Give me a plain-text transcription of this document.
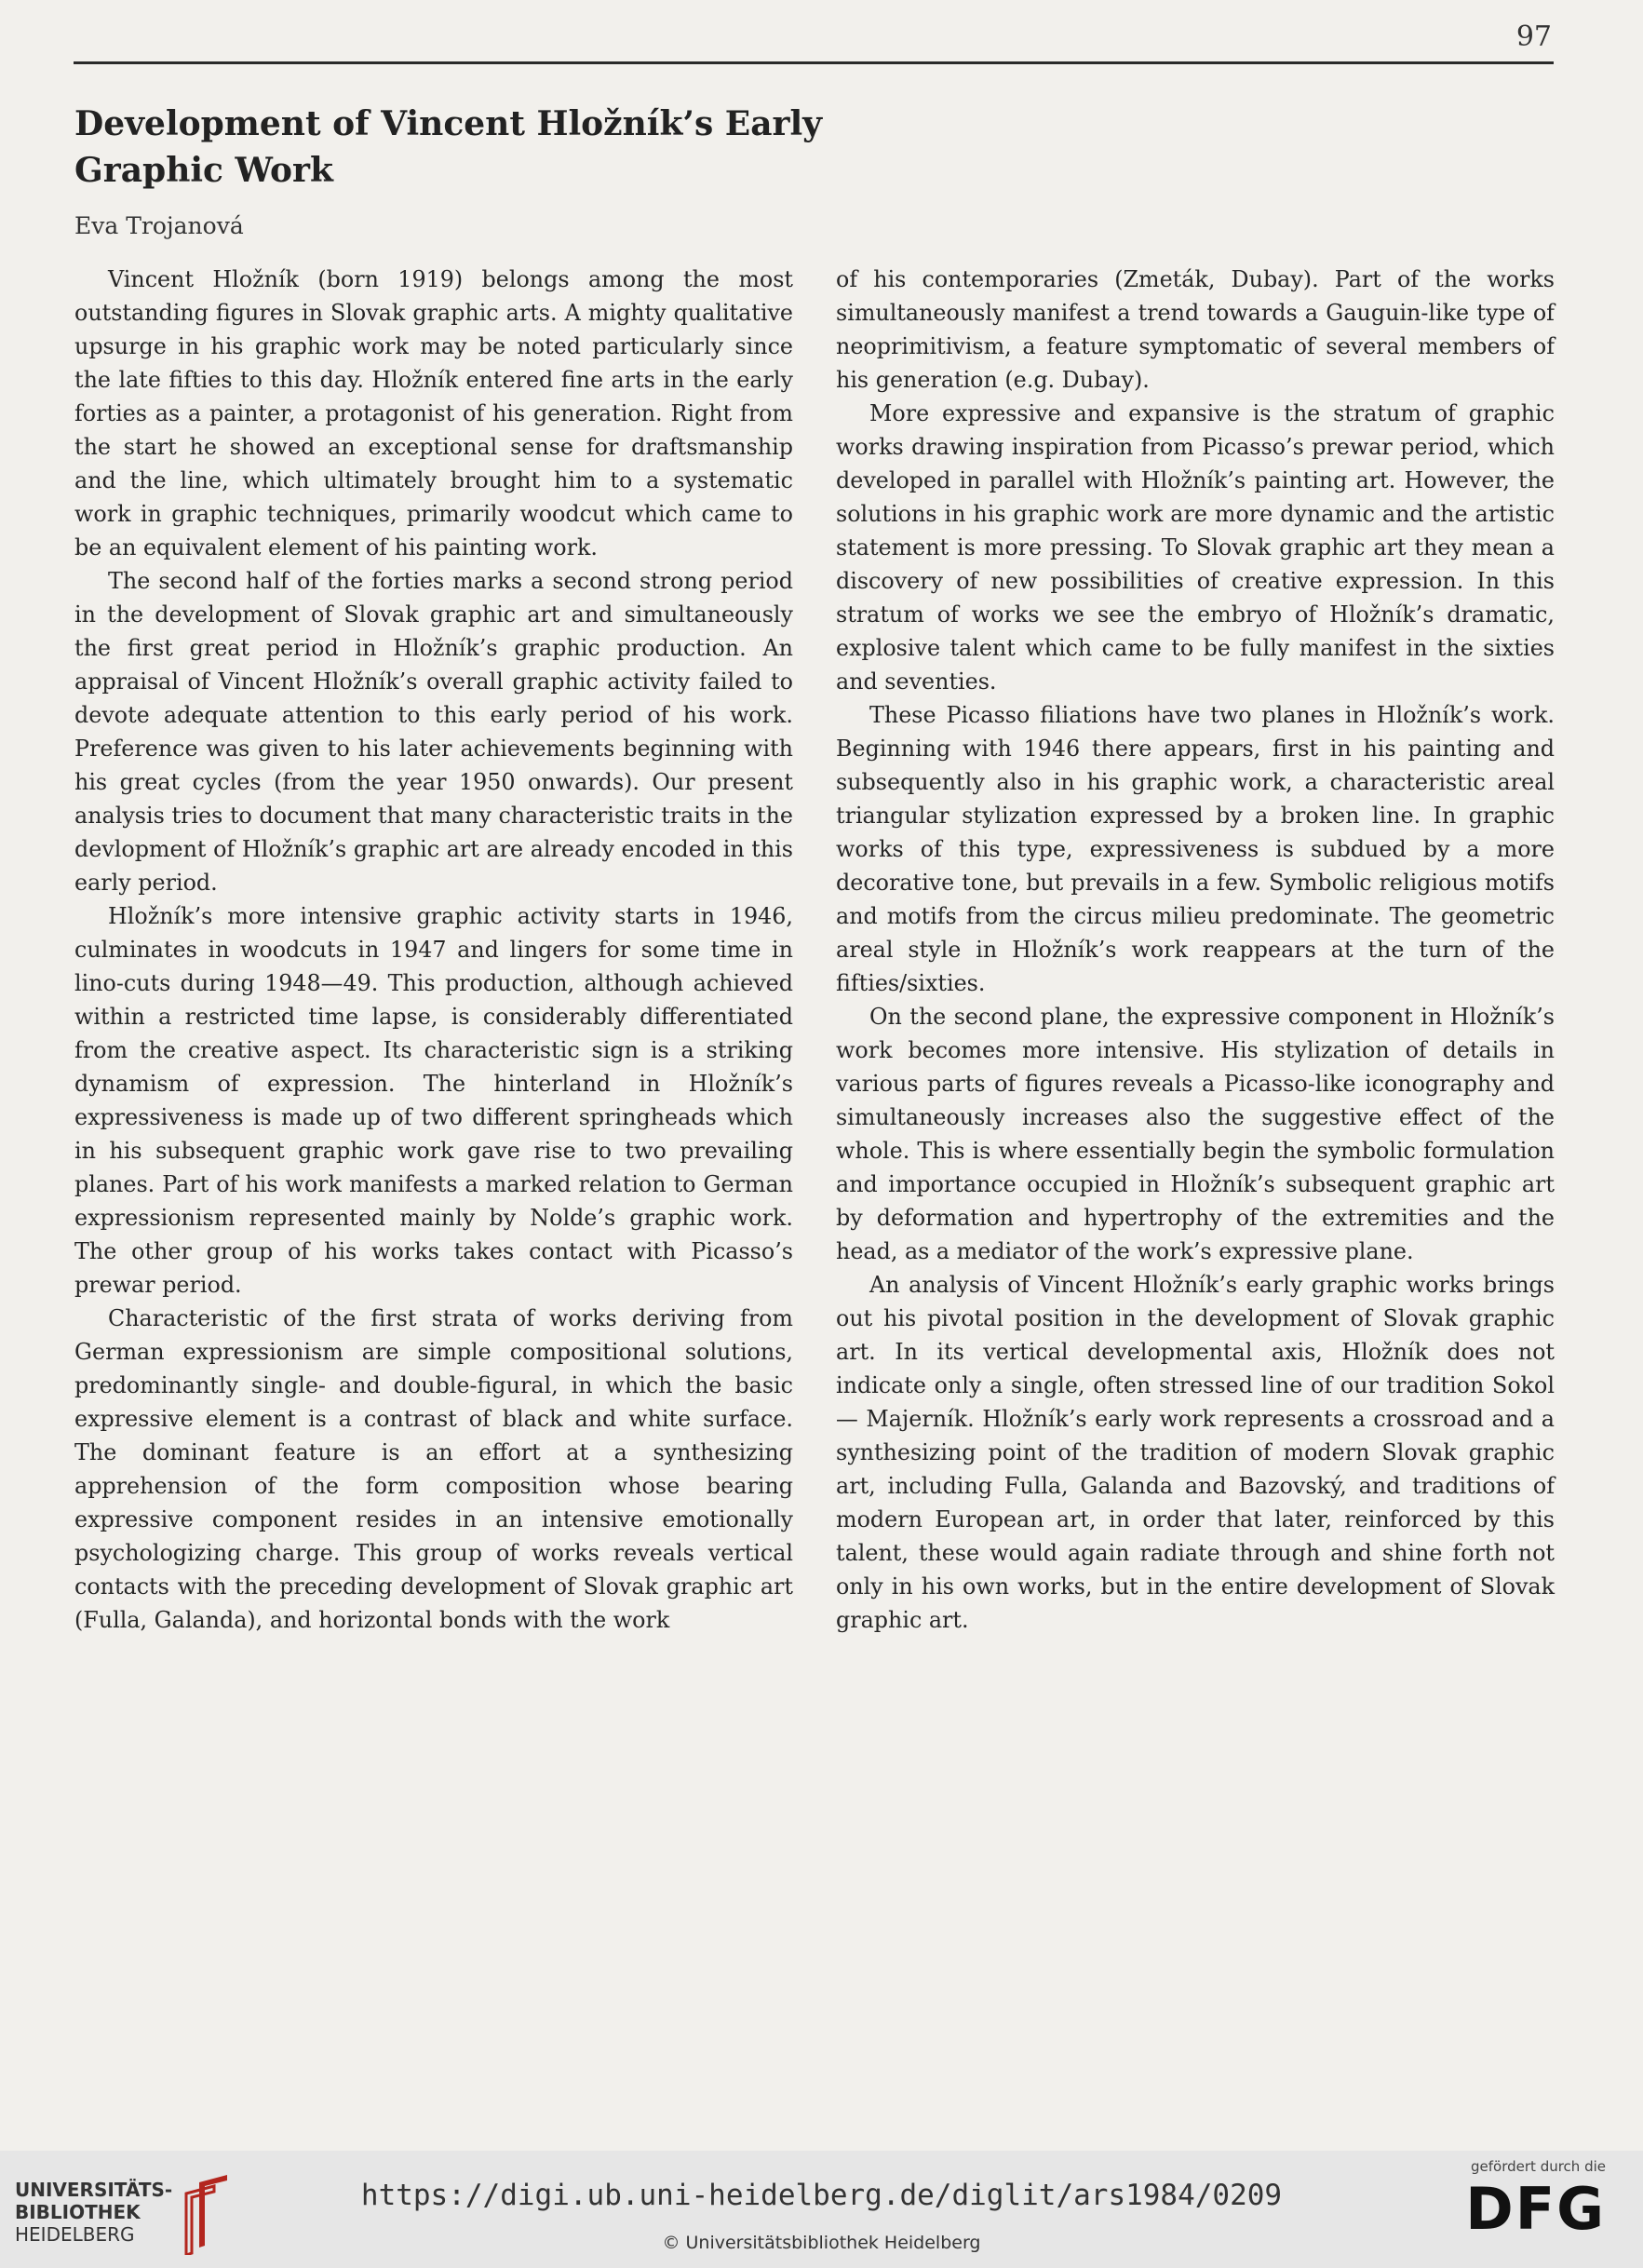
97
Development of Vincent Hložník’s Early
Graphic Work
Eva Trojanová

Vincent Hložník (born 1919) belongs among the most outstanding figures in Slovak graphic arts. A mighty qualitative upsurge in his graphic work may be noted particularly since the late fifties to this day. Hložník entered fine arts in the early forties as a painter, a protagonist of his generation. Right from the start he showed an exceptional sense for draftsmanship and the line, which ultimately brought him to a systematic work in graphic techniques, primarily woodcut which came to be an equivalent element of his painting work.

The second half of the forties marks a second strong period in the development of Slovak graphic art and simultaneously the first great period in Hložník’s graphic production. An appraisal of Vincent Hložník’s overall graphic activity failed to devote adequate attention to this early period of his work. Preference was given to his later achievements beginning with his great cycles (from the year 1950 onwards). Our present analysis tries to document that many characteristic traits in the devlopment of Hložník’s graphic art are already encoded in this early period.

Hložník’s more intensive graphic activity starts in 1946, culminates in woodcuts in 1947 and lingers for some time in lino-cuts during 1948—49. This production, although achieved within a restricted time lapse, is considerably differentiated from the creative aspect. Its characteristic sign is a striking dynamism of expression. The hinterland in Hložník’s expressiveness is made up of two different springheads which in his subsequent graphic work gave rise to two prevailing planes. Part of his work manifests a marked relation to German expressionism represented mainly by Nolde’s graphic work. The other group of his works takes contact with Picasso’s prewar period.

Characteristic of the first strata of works deriving from German expressionism are simple compositional solutions, predominantly single- and double-figural, in which the basic expressive element is a contrast of black and white surface. The dominant feature is an effort at a synthesizing apprehension of the form composition whose bearing expressive component resides in an intensive emotionally psychologizing charge. This group of works reveals vertical contacts with the preceding development of Slovak graphic art (Fulla, Galanda), and horizontal bonds with the work

of his contemporaries (Zmeták, Dubay). Part of the works simultaneously manifest a trend towards a Gauguin-like type of neoprimitivism, a feature symptomatic of several members of his generation (e.g. Dubay).

More expressive and expansive is the stratum of graphic works drawing inspiration from Picasso’s prewar period, which developed in parallel with Hložník’s painting art. However, the solutions in his graphic work are more dynamic and the artistic statement is more pressing. To Slovak graphic art they mean a discovery of new possibilities of creative expression. In this stratum of works we see the embryo of Hložník’s dramatic, explosive talent which came to be fully manifest in the sixties and seventies.

These Picasso filiations have two planes in Hložník’s work. Beginning with 1946 there appears, first in his painting and subsequently also in his graphic work, a characteristic areal triangular stylization expressed by a broken line. In graphic works of this type, expressiveness is subdued by a more decorative tone, but prevails in a few. Symbolic religious motifs and motifs from the circus milieu predominate. The geometric areal style in Hložník’s work reappears at the turn of the fifties/sixties.

On the second plane, the expressive component in Hložník’s work becomes more intensive. His stylization of details in various parts of figures reveals a Picasso-like iconography and simultaneously increases also the suggestive effect of the whole. This is where essentially begin the symbolic formulation and importance occupied in Hložník’s subsequent graphic art by deformation and hypertrophy of the extremities and the head, as a mediator of the work’s expressive plane.

An analysis of Vincent Hložník’s early graphic works brings out his pivotal position in the development of Slovak graphic art. In its vertical developmental axis, Hložník does not indicate only a single, often stressed line of our tradition Sokol — Majerník. Hložník’s early work represents a crossroad and a synthesizing point of the tradition of modern Slovak graphic art, including Fulla, Galanda and Bazovský, and traditions of modern European art, in order that later, reinforced by this talent, these would again radiate through and shine forth not only in his own works, but in the entire development of Slovak graphic art.

UNIVERSITÄTS-
BIBLIOTHEK
HEIDELBERG
https://digi.ub.uni-heidelberg.de/diglit/ars1984/0209
© Universitätsbibliothek Heidelberg
gefördert durch die
DFG
